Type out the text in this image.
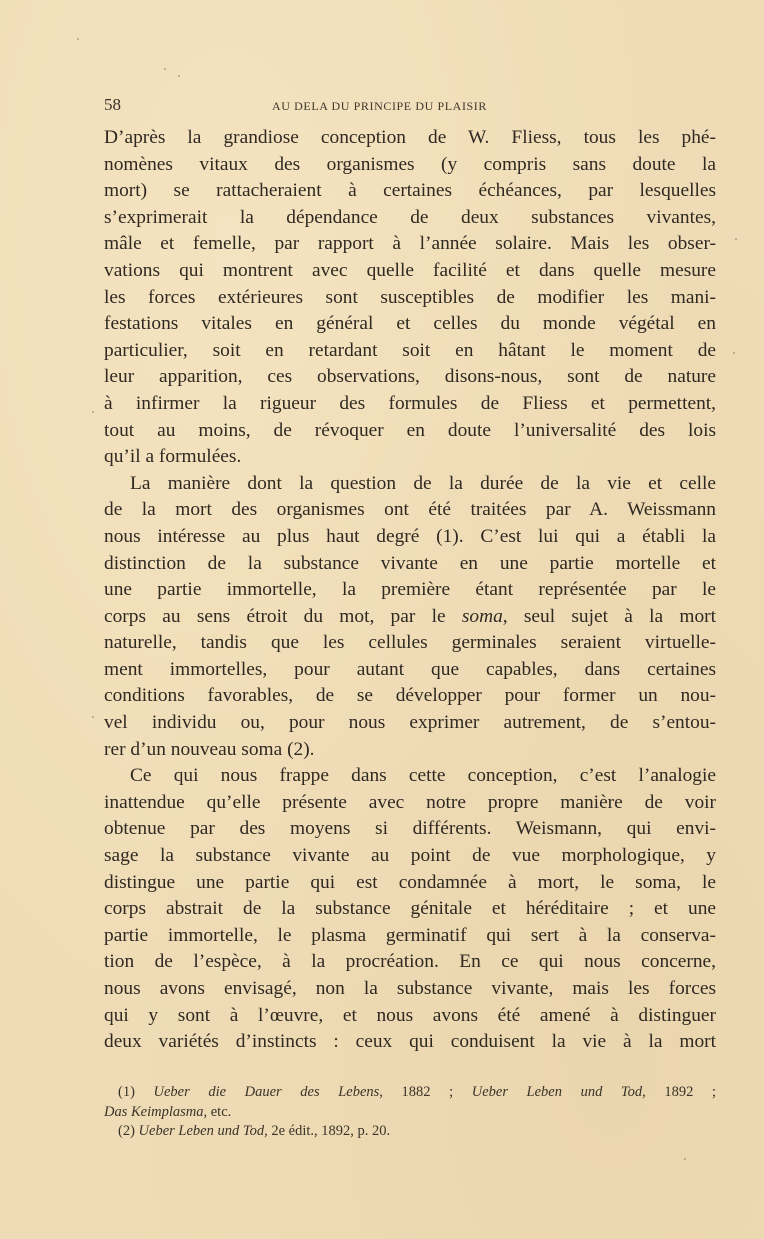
58	AU DELA DU PRINCIPE DU PLAISIR
D’après la grandiose conception de W. Fliess, tous les phé-
nomènes vitaux des organismes (y compris sans doute la
mort) se rattacheraient à certaines échéances, par lesquelles
s’exprimerait la dépendance de deux substances vivantes,
mâle et femelle, par rapport à l’année solaire. Mais les obser-
vations qui montrent avec quelle facilité et dans quelle mesure
les forces extérieures sont susceptibles de modifier les mani-
festations vitales en général et celles du monde végétal en
particulier, soit en retardant soit en hâtant le moment de
leur apparition, ces observations, disons-nous, sont de nature
à infirmer la rigueur des formules de Fliess et permettent,
tout au moins, de révoquer en doute l’universalité des lois
qu’il a formulées.
La manière dont la question de la durée de la vie et celle
de la mort des organismes ont été traitées par A. Weissmann
nous intéresse au plus haut degré (1). C’est lui qui a établi la
distinction de la substance vivante en une partie mortelle et
une partie immortelle, la première étant représentée par le
corps au sens étroit du mot, par le soma, seul sujet à la mort
naturelle, tandis que les cellules germinales seraient virtuelle-
ment immortelles, pour autant que capables, dans certaines
conditions favorables, de se développer pour former un nou-
vel individu ou, pour nous exprimer autrement, de s’entou-
rer d’un nouveau soma (2).
Ce qui nous frappe dans cette conception, c’est l’analogie
inattendue qu’elle présente avec notre propre manière de voir
obtenue par des moyens si différents. Weismann, qui envi-
sage la substance vivante au point de vue morphologique, y
distingue une partie qui est condamnée à mort, le soma, le
corps abstrait de la substance génitale et héréditaire ; et une
partie immortelle, le plasma germinatif qui sert à la conserva-
tion de l’espèce, à la procréation. En ce qui nous concerne,
nous avons envisagé, non la substance vivante, mais les forces
qui y sont à l’œuvre, et nous avons été amené à distinguer
deux variétés d’instincts : ceux qui conduisent la vie à la mort
(1) Ueber die Dauer des Lebens, 1882 ; Ueber Leben und Tod, 1892 ;
Das Keimplasma, etc.
(2) Ueber Leben und Tod, 2e édit., 1892, p. 20.
